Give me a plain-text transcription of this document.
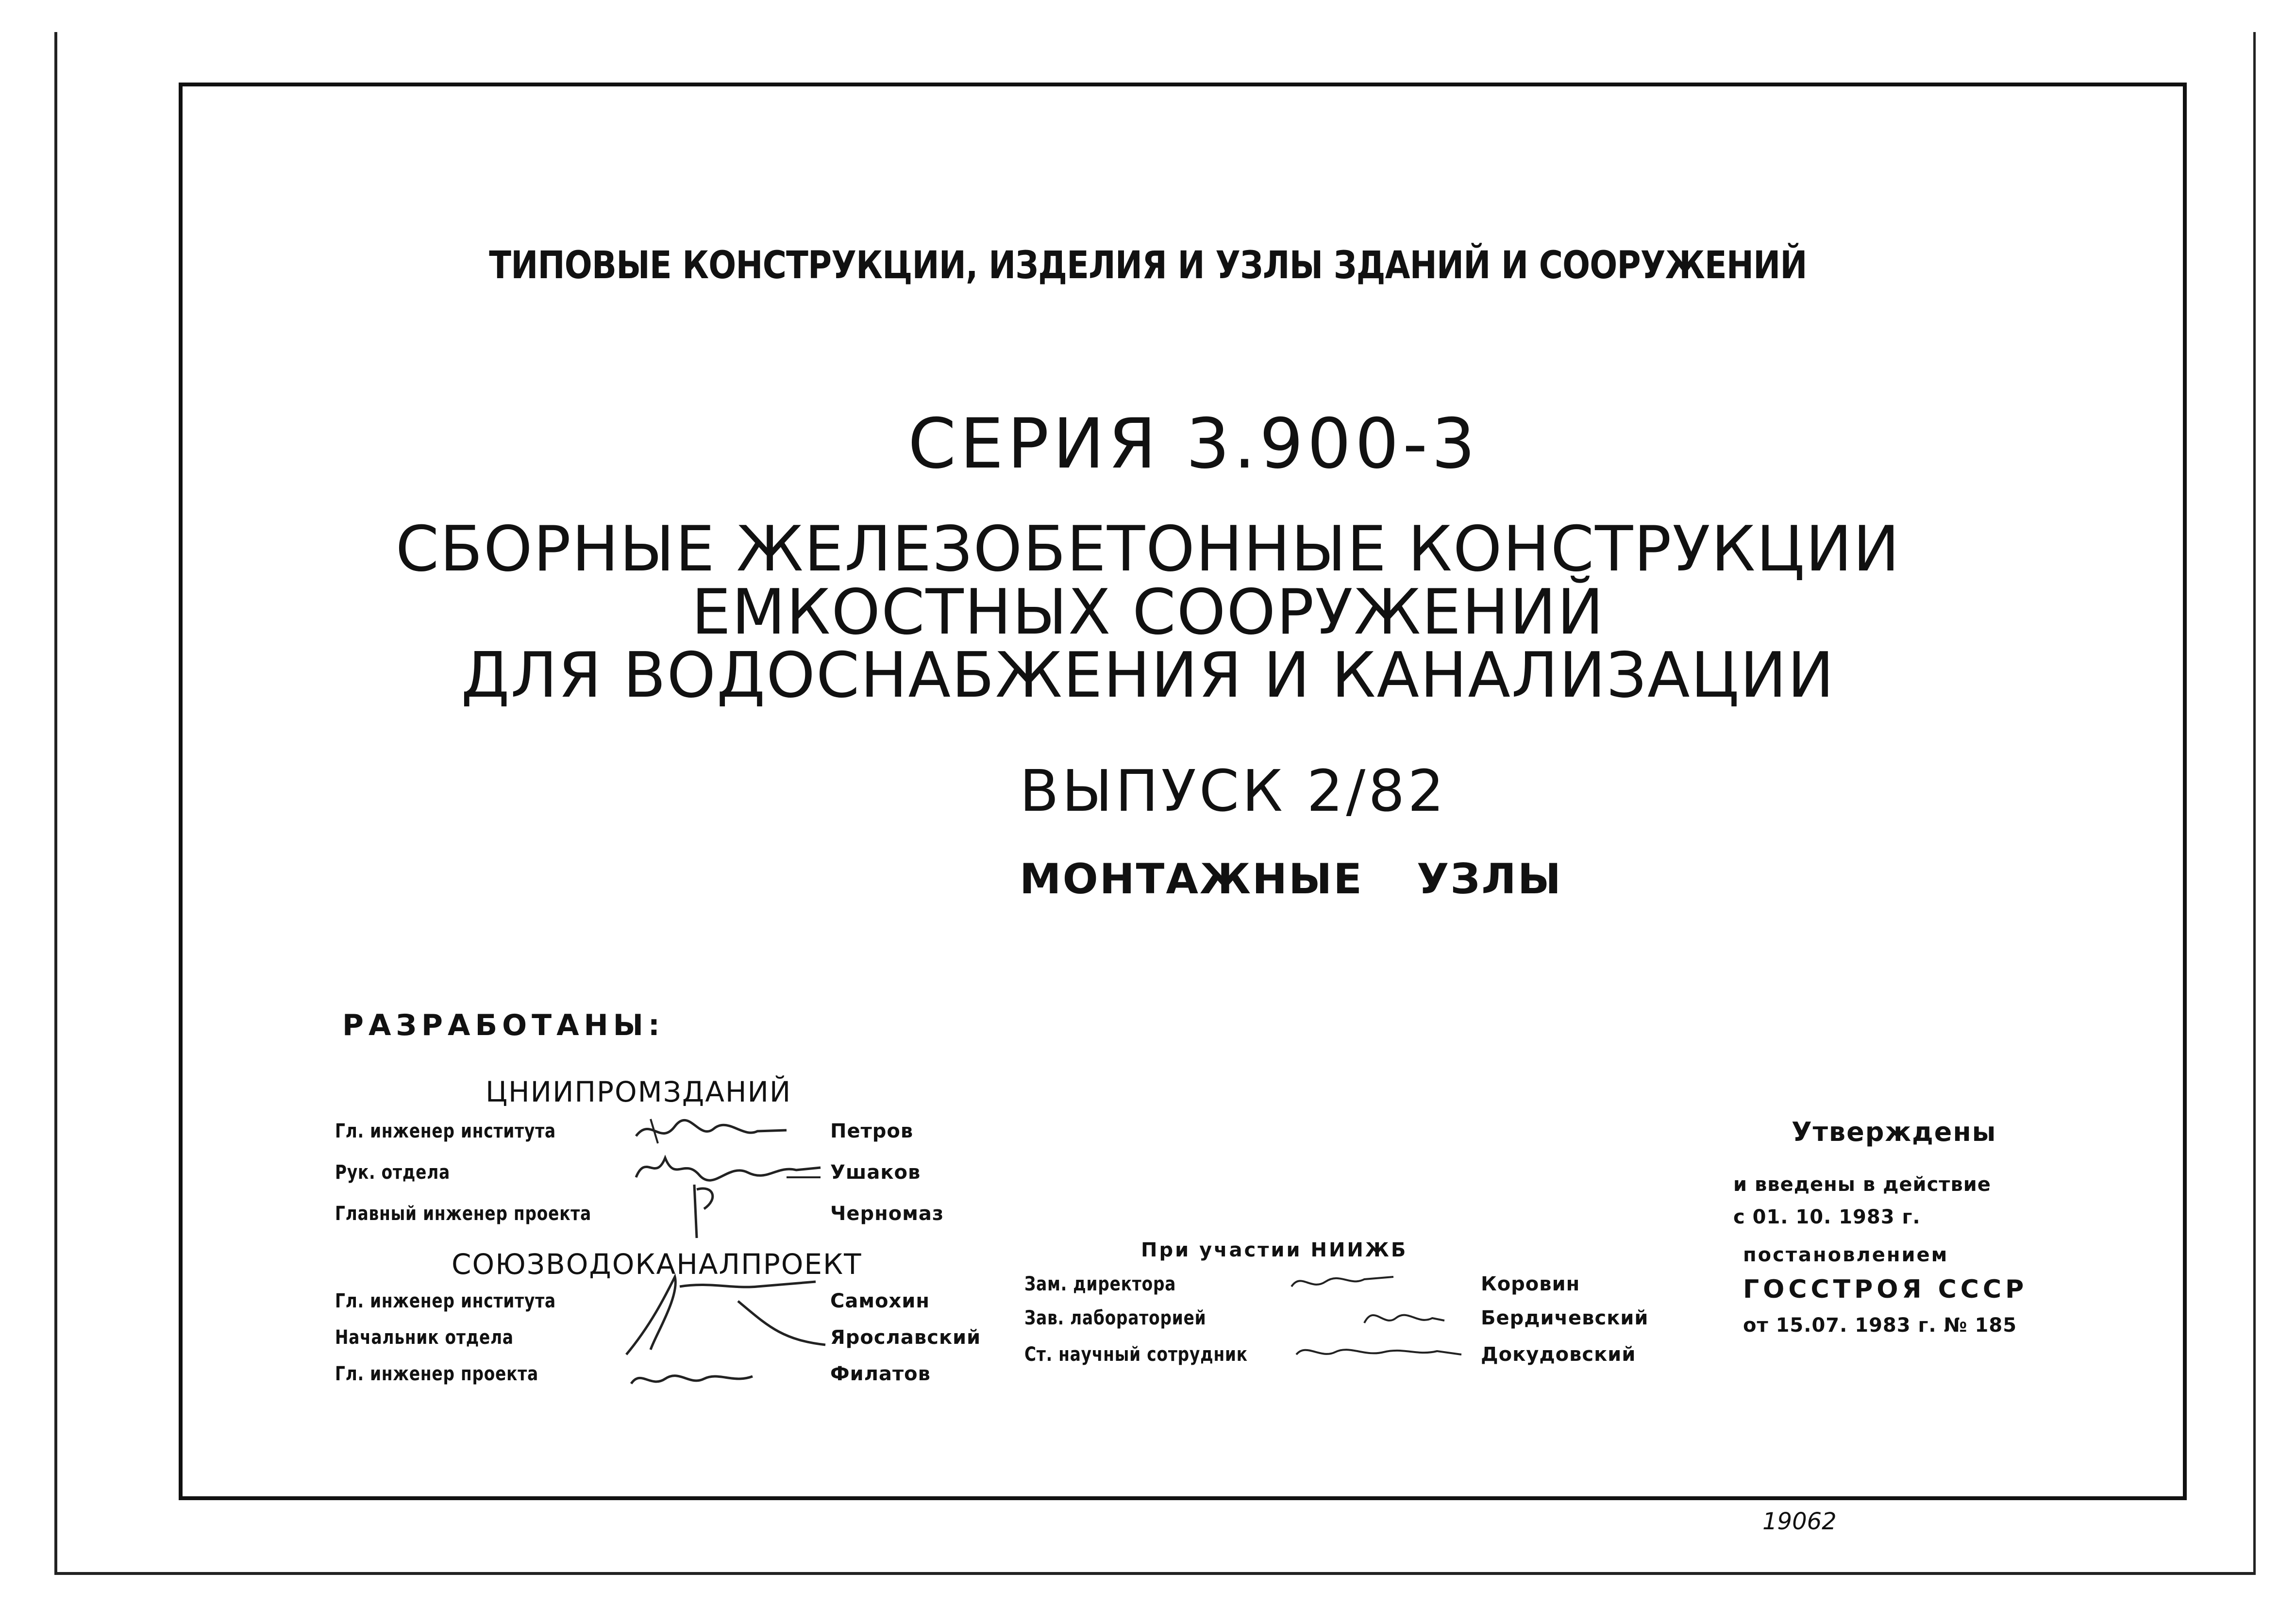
ТИПОВЫЕ КОНСТРУКЦИИ, ИЗДЕЛИЯ И УЗЛЫ ЗДАНИЙ И СООРУЖЕНИЙ
СЕРИЯ 3.900-3
СБОРНЫЕ ЖЕЛЕЗОБЕТОННЫЕ КОНСТРУКЦИИ
ЕМКОСТНЫХ СООРУЖЕНИЙ
ДЛЯ ВОДОСНАБЖЕНИЯ И КАНАЛИЗАЦИИ
ВЫПУСК 2/82
МОНТАЖНЫЕ УЗЛЫ
РАЗРАБОТАНЫ:
ЦНИИПРОМЗДАНИЙ
Гл. инженер института	Петров
Рук. отдела	Ушаков
Главный инженер проекта	Черномаз
СОЮЗВОДОКАНАЛПРОЕКТ
Гл. инженер института	Самохин
Начальник отдела	Ярославский
Гл. инженер проекта	Филатов
При участии НИИЖБ
Зам. директора	Коровин
Зав. лабораторией	Бердичевский
Ст. научный сотрудник	Докудовский
Утверждены
и введены в действие
с 01. 10. 1983 г.
постановлением
ГОССТРОЯ СССР
от 15.07. 1983 г. № 185
19062
